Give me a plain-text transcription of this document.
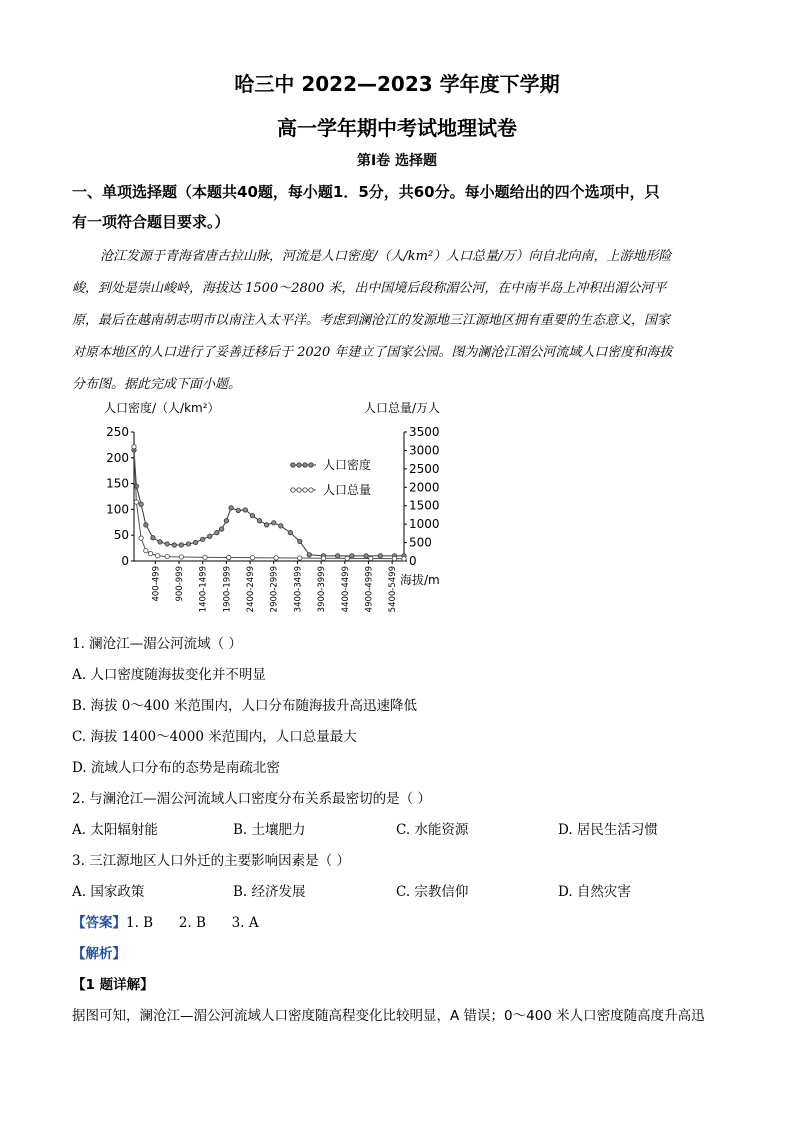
哈三中 2022—2023 学年度下学期
高一学年期中考试地理试卷
第Ⅰ卷 选择题
一、单项选择题（本题共40题，每小题1．5分，共60分。每小题给出的四个选项中，只
有一项符合题目要求。）
沧江发源于青海省唐古拉山脉，河流是人口密度/（人/km²）人口总量/万）向自北向南，上游地形险
峻，到处是崇山峻岭，海拔达 1500～2800 米，出中国境后段称湄公河，在中南半岛上冲积出湄公河平
原，最后在越南胡志明市以南注入太平洋。考虑到澜沧江的发源地三江源地区拥有重要的生态意义，国家
对原本地区的人口进行了妥善迁移后于 2020 年建立了国家公园。图为澜沧江湄公河流域人口密度和海拔
分布图。据此完成下面小题。
人口密度/（人/km²）	人口总量/万人
250
200
150
100
50
0
3500
3000
2500
2000
1500
1000
500
0
400-499 900-999 1400-1499 1900-1999 2400-2499 2900-2999 3400-3499 3900-3999 4400-4499 4900-4999 5400-5499
人口密度
人口总量
海拔/m
1. 澜沧江—湄公河流域（ ）
A. 人口密度随海拔变化并不明显
B. 海拔 0～400 米范围内，人口分布随海拔升高迅速降低
C. 海拔 1400～4000 米范围内，人口总量最大
D. 流域人口分布的态势是南疏北密
2. 与澜沧江—湄公河流域人口密度分布关系最密切的是（ ）
A. 太阳辐射能	B. 土壤肥力	C. 水能资源	D. 居民生活习惯
3. 三江源地区人口外迁的主要影响因素是（ ）
A. 国家政策	B. 经济发展	C. 宗教信仰	D. 自然灾害
【答案】1. B      2. B      3. A
【解析】
【1 题详解】
据图可知，澜沧江—湄公河流域人口密度随高程变化比较明显，A 错误；0～400 米人口密度随高度升高迅
